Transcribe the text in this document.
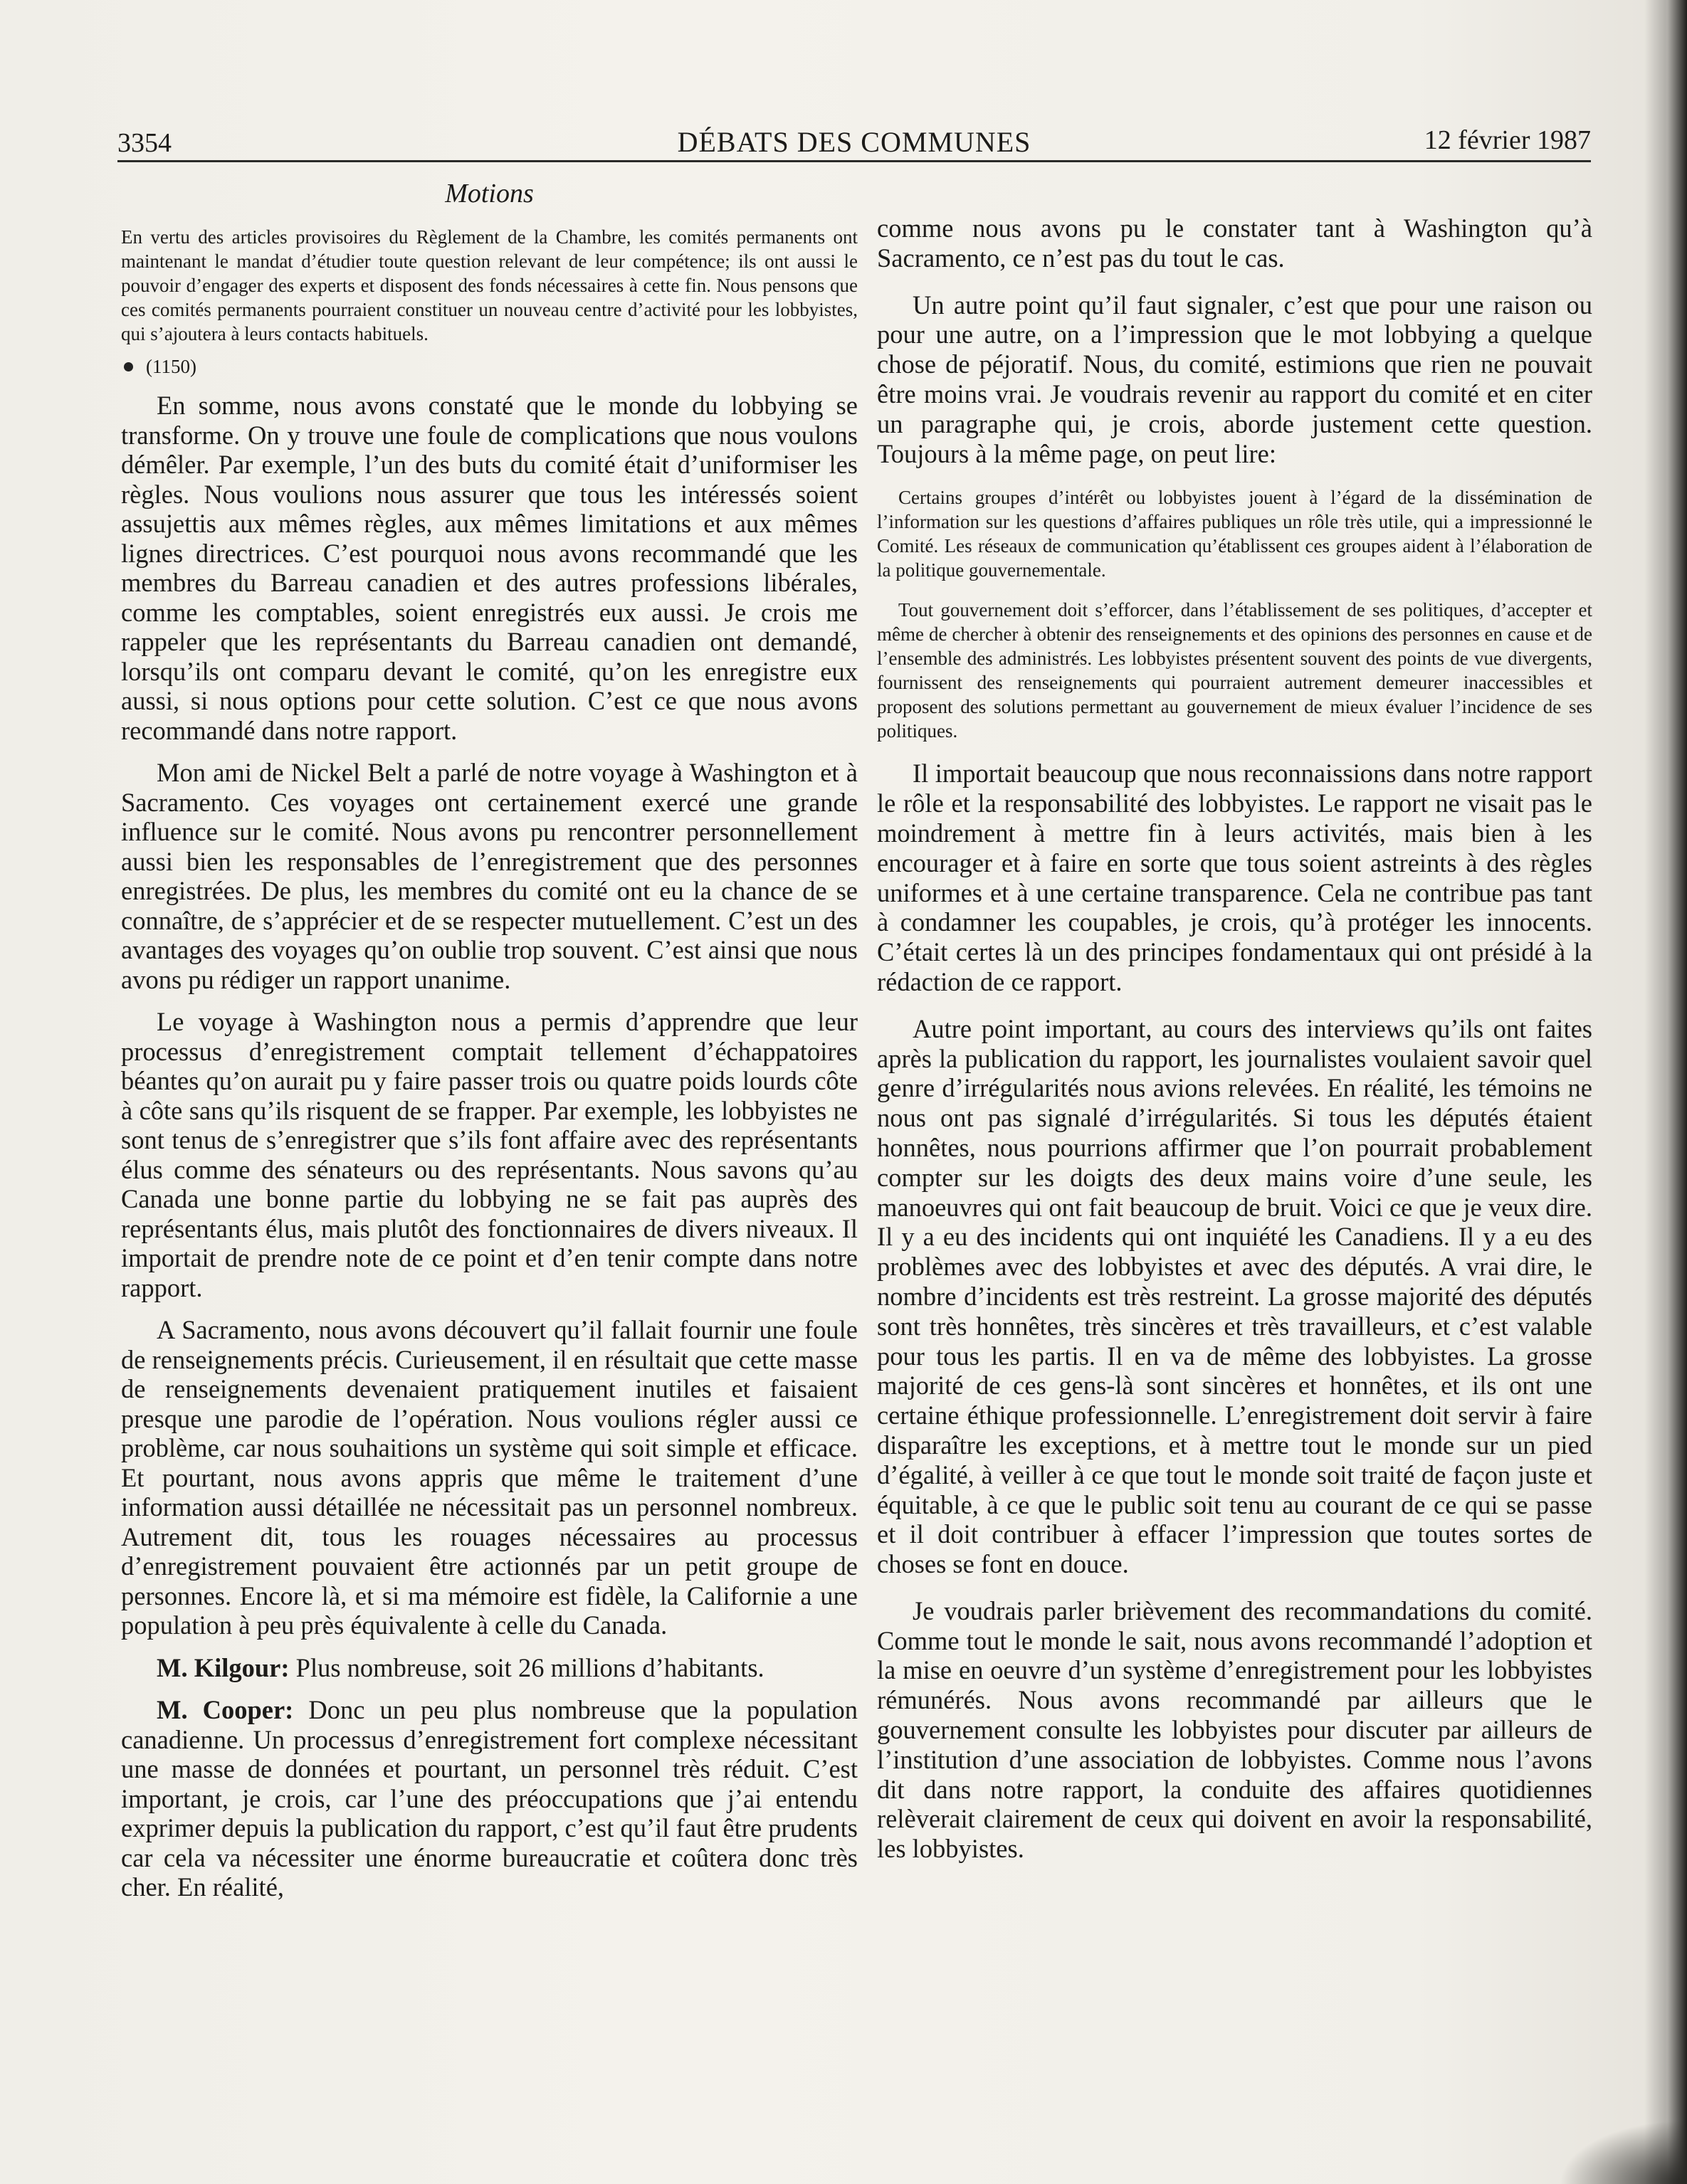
3354	DÉBATS DES COMMUNES	12 février 1987
Motions

En vertu des articles provisoires du Règlement de la Chambre, les comités permanents ont maintenant le mandat d’étudier toute question relevant de leur compétence; ils ont aussi le pouvoir d’engager des experts et disposent des fonds nécessaires à cette fin. Nous pensons que ces comités permanents pourraient constituer un nouveau centre d’activité pour les lobbyistes, qui s’ajoutera à leurs contacts habituels.

(1150)

En somme, nous avons constaté que le monde du lobbying se transforme. On y trouve une foule de complications que nous voulons démêler. Par exemple, l’un des buts du comité était d’uniformiser les règles. Nous voulions nous assurer que tous les intéressés soient assujettis aux mêmes règles, aux mêmes limitations et aux mêmes lignes directrices. C’est pourquoi nous avons recommandé que les membres du Barreau canadien et des autres professions libérales, comme les comptables, soient enregistrés eux aussi. Je crois me rappeler que les représentants du Barreau canadien ont demandé, lorsqu’ils ont comparu devant le comité, qu’on les enregistre eux aussi, si nous options pour cette solution. C’est ce que nous avons recommandé dans notre rapport.

Mon ami de Nickel Belt a parlé de notre voyage à Washington et à Sacramento. Ces voyages ont certainement exercé une grande influence sur le comité. Nous avons pu rencontrer personnellement aussi bien les responsables de l’enregistrement que des personnes enregistrées. De plus, les membres du comité ont eu la chance de se connaître, de s’apprécier et de se respecter mutuellement. C’est un des avantages des voyages qu’on oublie trop souvent. C’est ainsi que nous avons pu rédiger un rapport unanime.

Le voyage à Washington nous a permis d’apprendre que leur processus d’enregistrement comptait tellement d’échappatoires béantes qu’on aurait pu y faire passer trois ou quatre poids lourds côte à côte sans qu’ils risquent de se frapper. Par exemple, les lobbyistes ne sont tenus de s’enregistrer que s’ils font affaire avec des représentants élus comme des sénateurs ou des représentants. Nous savons qu’au Canada une bonne partie du lobbying ne se fait pas auprès des représentants élus, mais plutôt des fonctionnaires de divers niveaux. Il importait de prendre note de ce point et d’en tenir compte dans notre rapport.

A Sacramento, nous avons découvert qu’il fallait fournir une foule de renseignements précis. Curieusement, il en résultait que cette masse de renseignements devenaient pratiquement inutiles et faisaient presque une parodie de l’opération. Nous voulions régler aussi ce problème, car nous souhaitions un système qui soit simple et efficace. Et pourtant, nous avons appris que même le traitement d’une information aussi détaillée ne nécessitait pas un personnel nombreux. Autrement dit, tous les rouages nécessaires au processus d’enregistrement pouvaient être actionnés par un petit groupe de personnes. Encore là, et si ma mémoire est fidèle, la Californie a une population à peu près équivalente à celle du Canada.

M. Kilgour: Plus nombreuse, soit 26 millions d’habitants.

M. Cooper: Donc un peu plus nombreuse que la population canadienne. Un processus d’enregistrement fort complexe nécessitant une masse de données et pourtant, un personnel très réduit. C’est important, je crois, car l’une des préoccupations que j’ai entendu exprimer depuis la publication du rapport, c’est qu’il faut être prudents car cela va nécessiter une énorme bureaucratie et coûtera donc très cher. En réalité,

comme nous avons pu le constater tant à Washington qu’à Sacramento, ce n’est pas du tout le cas.

Un autre point qu’il faut signaler, c’est que pour une raison ou pour une autre, on a l’impression que le mot lobbying a quelque chose de péjoratif. Nous, du comité, estimions que rien ne pouvait être moins vrai. Je voudrais revenir au rapport du comité et en citer un paragraphe qui, je crois, aborde justement cette question. Toujours à la même page, on peut lire:

Certains groupes d’intérêt ou lobbyistes jouent à l’égard de la dissémination de l’information sur les questions d’affaires publiques un rôle très utile, qui a impressionné le Comité. Les réseaux de communication qu’établissent ces groupes aident à l’élaboration de la politique gouvernementale.

Tout gouvernement doit s’efforcer, dans l’établissement de ses politiques, d’accepter et même de chercher à obtenir des renseignements et des opinions des personnes en cause et de l’ensemble des administrés. Les lobbyistes présentent souvent des points de vue divergents, fournissent des renseignements qui pourraient autrement demeurer inaccessibles et proposent des solutions permettant au gouvernement de mieux évaluer l’incidence de ses politiques.

Il importait beaucoup que nous reconnaissions dans notre rapport le rôle et la responsabilité des lobbyistes. Le rapport ne visait pas le moindrement à mettre fin à leurs activités, mais bien à les encourager et à faire en sorte que tous soient astreints à des règles uniformes et à une certaine transparence. Cela ne contribue pas tant à condamner les coupables, je crois, qu’à protéger les innocents. C’était certes là un des principes fondamentaux qui ont présidé à la rédaction de ce rapport.

Autre point important, au cours des interviews qu’ils ont faites après la publication du rapport, les journalistes voulaient savoir quel genre d’irrégularités nous avions relevées. En réalité, les témoins ne nous ont pas signalé d’irrégularités. Si tous les députés étaient honnêtes, nous pourrions affirmer que l’on pourrait probablement compter sur les doigts des deux mains voire d’une seule, les manoeuvres qui ont fait beaucoup de bruit. Voici ce que je veux dire. Il y a eu des incidents qui ont inquiété les Canadiens. Il y a eu des problèmes avec des lobbyistes et avec des députés. A vrai dire, le nombre d’incidents est très restreint. La grosse majorité des députés sont très honnêtes, très sincères et très travailleurs, et c’est valable pour tous les partis. Il en va de même des lobbyistes. La grosse majorité de ces gens-là sont sincères et honnêtes, et ils ont une certaine éthique professionnelle. L’enregistrement doit servir à faire disparaître les exceptions, et à mettre tout le monde sur un pied d’égalité, à veiller à ce que tout le monde soit traité de façon juste et équitable, à ce que le public soit tenu au courant de ce qui se passe et il doit contribuer à effacer l’impression que toutes sortes de choses se font en douce.

Je voudrais parler brièvement des recommandations du comité. Comme tout le monde le sait, nous avons recommandé l’adoption et la mise en oeuvre d’un système d’enregistrement pour les lobbyistes rémunérés. Nous avons recommandé par ailleurs que le gouvernement consulte les lobbyistes pour discuter par ailleurs de l’institution d’une association de lobbyistes. Comme nous l’avons dit dans notre rapport, la conduite des affaires quotidiennes relèverait clairement de ceux qui doivent en avoir la responsabilité, les lobbyistes.
